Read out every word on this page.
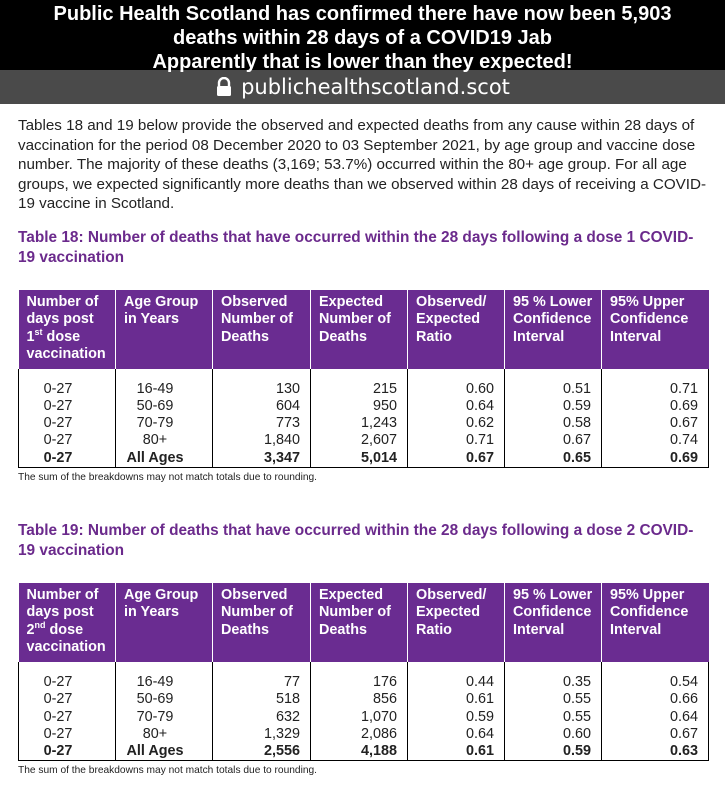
Public Health Scotland has confirmed there have now been 5,903
deaths within 28 days of a COVID19 Jab
Apparently that is lower than they expected!
publichealthscotland.scot

Tables 18 and 19 below provide the observed and expected deaths from any cause within 28 days of vaccination for the period 08 December 2020 to 03 September 2021, by age group and vaccine dose number. The majority of these deaths (3,169; 53.7%) occurred within the 80+ age group. For all age groups, we expected significantly more deaths than we observed within 28 days of receiving a COVID-19 vaccine in Scotland.

Table 18: Number of deaths that have occurred within the 28 days following a dose 1 COVID-19 vaccination
Number of days post 1st dose vaccination	Age Group in Years	Observed Number of Deaths	Expected Number of Deaths	Observed/ Expected Ratio	95 % Lower Confidence Interval	95% Upper Confidence Interval
0-27	16-49	130	215	0.60	0.51	0.71
0-27	50-69	604	950	0.64	0.59	0.69
0-27	70-79	773	1,243	0.62	0.58	0.67
0-27	80+	1,840	2,607	0.71	0.67	0.74
0-27	All Ages	3,347	5,014	0.67	0.65	0.69

The sum of the breakdowns may not match totals due to rounding.

Table 19: Number of deaths that have occurred within the 28 days following a dose 2 COVID-19 vaccination
Number of days post 2nd dose vaccination	Age Group in Years	Observed Number of Deaths	Expected Number of Deaths	Observed/ Expected Ratio	95 % Lower Confidence Interval	95% Upper Confidence Interval
0-27	16-49	77	176	0.44	0.35	0.54
0-27	50-69	518	856	0.61	0.55	0.66
0-27	70-79	632	1,070	0.59	0.55	0.64
0-27	80+	1,329	2,086	0.64	0.60	0.67
0-27	All Ages	2,556	4,188	0.61	0.59	0.63

The sum of the breakdowns may not match totals due to rounding.
